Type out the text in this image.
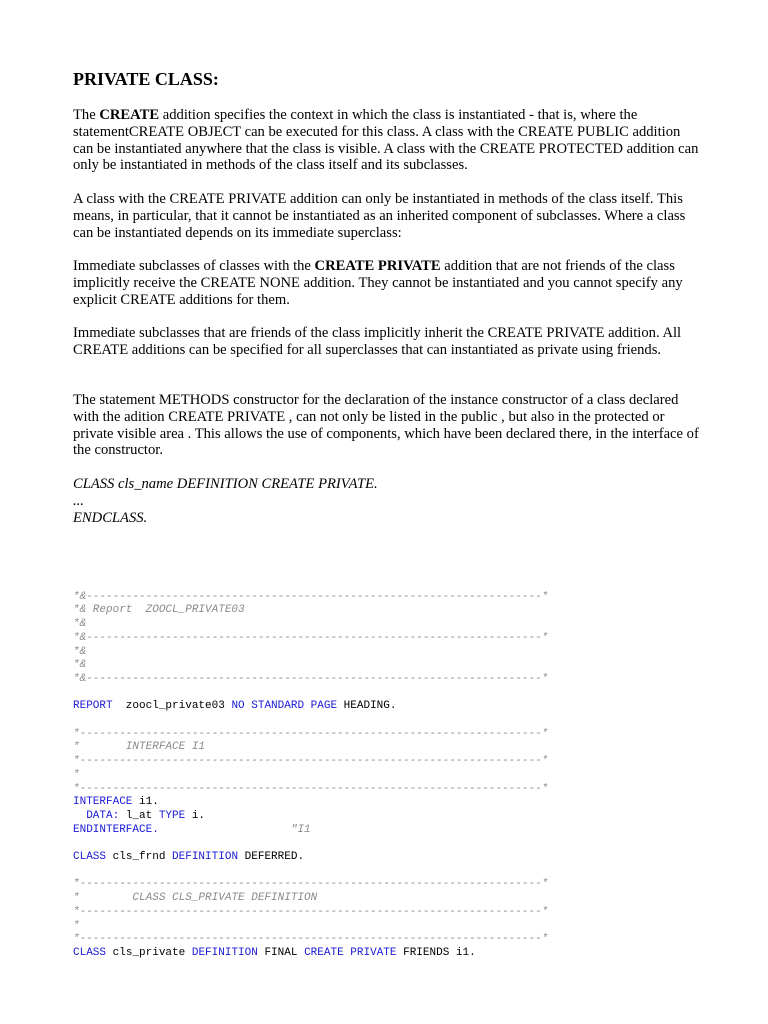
PRIVATE CLASS:
The CREATE addition specifies the context in which the class is instantiated - that is, where the statementCREATE OBJECT can be executed for this class. A class with the CREATE PUBLIC addition can be instantiated anywhere that the class is visible. A class with the CREATE PROTECTED addition can only be instantiated in methods of the class itself and its subclasses.
A class with the CREATE PRIVATE addition can only be instantiated in methods of the class itself. This means, in particular, that it cannot be instantiated as an inherited component of subclasses. Where a class can be instantiated depends on its immediate superclass:
Immediate subclasses of classes with the CREATE PRIVATE addition that are not friends of the class implicitly receive the CREATE NONE addition. They cannot be instantiated and you cannot specify any explicit CREATE additions for them.
Immediate subclasses that are friends of the class implicitly inherit the CREATE PRIVATE addition. All CREATE additions can be specified for all superclasses that can instantiated as private using friends.
The statement METHODS constructor for the declaration of the instance constructor of a class declared with the adition CREATE PRIVATE , can not only be listed in the public , but also in the protected or private visible area . This allows the use of components, which have been declared there, in the interface of the constructor.
CLASS cls_name DEFINITION CREATE PRIVATE.
...
ENDCLASS.

*&---------------------------------------------------------------------*
*& Report  ZOOCL_PRIVATE03
*&
*&---------------------------------------------------------------------*
*&
*&
*&---------------------------------------------------------------------*

REPORT  zoocl_private03 NO STANDARD PAGE HEADING.

*----------------------------------------------------------------------*
*       INTERFACE I1
*----------------------------------------------------------------------*
*
*----------------------------------------------------------------------*
INTERFACE i1.
DATA: l_at TYPE i.
ENDINTERFACE.                    "I1

CLASS cls_frnd DEFINITION DEFERRED.

*----------------------------------------------------------------------*
*        CLASS CLS_PRIVATE DEFINITION
*----------------------------------------------------------------------*
*
*----------------------------------------------------------------------*
CLASS cls_private DEFINITION FINAL CREATE PRIVATE FRIENDS i1.
